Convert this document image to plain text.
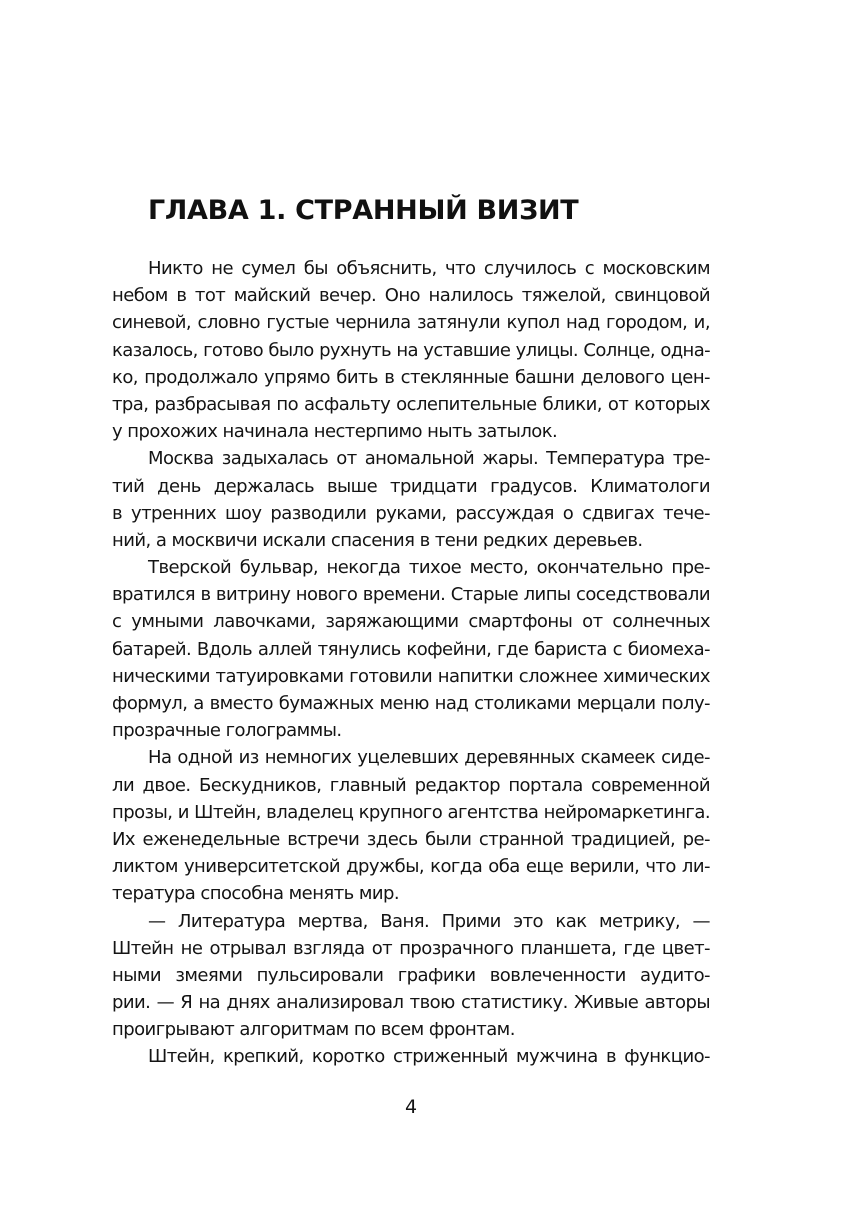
ГЛАВА 1. СТРАННЫЙ ВИЗИТ
Никто не сумел бы объяснить, что случилось с московским
небом в тот майский вечер. Оно налилось тяжелой, свинцовой
синевой, словно густые чернила затянули купол над городом, и,
казалось, готово было рухнуть на уставшие улицы. Солнце, одна-
ко, продолжало упрямо бить в стеклянные башни делового цен-
тра, разбрасывая по асфальту ослепительные блики, от которых
у прохожих начинала нестерпимо ныть затылок.
Москва задыхалась от аномальной жары. Температура тре-
тий день держалась выше тридцати градусов. Климатологи
в утренних шоу разводили руками, рассуждая о сдвигах тече-
ний, а москвичи искали спасения в тени редких деревьев.
Тверской бульвар, некогда тихое место, окончательно пре-
вратился в витрину нового времени. Старые липы соседствовали
с умными лавочками, заряжающими смартфоны от солнечных
батарей. Вдоль аллей тянулись кофейни, где бариста с биомеха-
ническими татуировками готовили напитки сложнее химических
формул, а вместо бумажных меню над столиками мерцали полу-
прозрачные голограммы.
На одной из немногих уцелевших деревянных скамеек сиде-
ли двое. Бескудников, главный редактор портала современной
прозы, и Штейн, владелец крупного агентства нейромаркетинга.
Их еженедельные встречи здесь были странной традицией, ре-
ликтом университетской дружбы, когда оба еще верили, что ли-
тература способна менять мир.
— Литература мертва, Ваня. Прими это как метрику, —
Штейн не отрывал взгляда от прозрачного планшета, где цвет-
ными змеями пульсировали графики вовлеченности аудито-
рии. — Я на днях анализировал твою статистику. Живые авторы
проигрывают алгоритмам по всем фронтам.
Штейн, крепкий, коротко стриженный мужчина в функцио-
4
